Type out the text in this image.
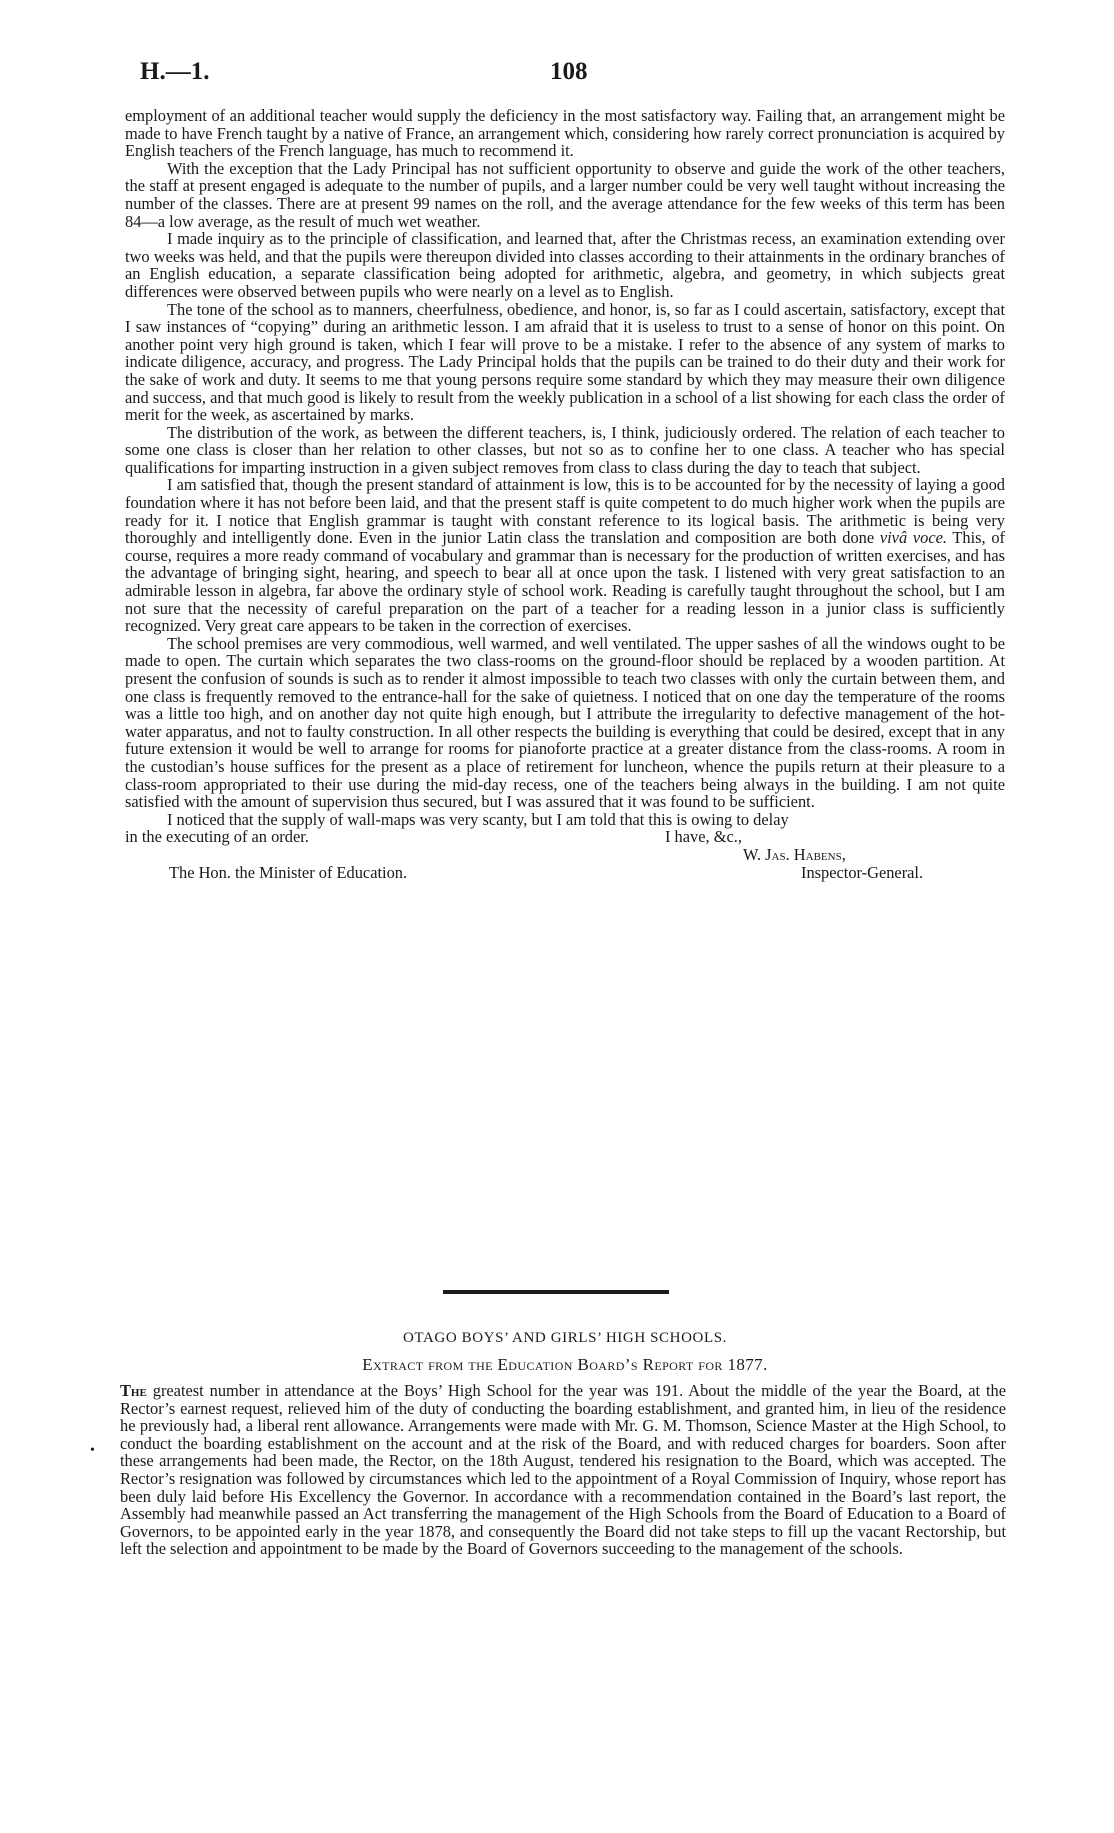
H.—1.	108

employment of an additional teacher would supply the deficiency in the most satisfactory way. Failing that, an arrangement might be made to have French taught by a native of France, an arrangement which, considering how rarely correct pronunciation is acquired by English teachers of the French language, has much to recommend it.

With the exception that the Lady Principal has not sufficient opportunity to observe and guide the work of the other teachers, the staff at present engaged is adequate to the number of pupils, and a larger number could be very well taught without increasing the number of the classes. There are at present 99 names on the roll, and the average attendance for the few weeks of this term has been 84—a low average, as the result of much wet weather.

I made inquiry as to the principle of classification, and learned that, after the Christmas recess, an examination extending over two weeks was held, and that the pupils were thereupon divided into classes according to their attainments in the ordinary branches of an English education, a separate classification being adopted for arithmetic, algebra, and geometry, in which subjects great differences were observed between pupils who were nearly on a level as to English.

The tone of the school as to manners, cheerfulness, obedience, and honor, is, so far as I could ascertain, satisfactory, except that I saw instances of “copying” during an arithmetic lesson. I am afraid that it is useless to trust to a sense of honor on this point. On another point very high ground is taken, which I fear will prove to be a mistake. I refer to the absence of any system of marks to indicate diligence, accuracy, and progress. The Lady Principal holds that the pupils can be trained to do their duty and their work for the sake of work and duty. It seems to me that young persons require some standard by which they may measure their own diligence and success, and that much good is likely to result from the weekly publication in a school of a list showing for each class the order of merit for the week, as ascertained by marks.

The distribution of the work, as between the different teachers, is, I think, judiciously ordered. The relation of each teacher to some one class is closer than her relation to other classes, but not so as to confine her to one class. A teacher who has special qualifications for imparting instruction in a given subject removes from class to class during the day to teach that subject.

I am satisfied that, though the present standard of attainment is low, this is to be accounted for by the necessity of laying a good foundation where it has not before been laid, and that the present staff is quite competent to do much higher work when the pupils are ready for it. I notice that English grammar is taught with constant reference to its logical basis. The arithmetic is being very thoroughly and intelligently done. Even in the junior Latin class the translation and composition are both done vivâ voce. This, of course, requires a more ready command of vocabulary and grammar than is necessary for the production of written exercises, and has the advantage of bringing sight, hearing, and speech to bear all at once upon the task. I listened with very great satisfaction to an admirable lesson in algebra, far above the ordinary style of school work. Reading is carefully taught throughout the school, but I am not sure that the necessity of careful preparation on the part of a teacher for a reading lesson in a junior class is sufficiently recognized. Very great care appears to be taken in the correction of exercises.

The school premises are very commodious, well warmed, and well ventilated. The upper sashes of all the windows ought to be made to open. The curtain which separates the two class-rooms on the ground-floor should be replaced by a wooden partition. At present the confusion of sounds is such as to render it almost impossible to teach two classes with only the curtain between them, and one class is frequently removed to the entrance-hall for the sake of quietness. I noticed that on one day the temperature of the rooms was a little too high, and on another day not quite high enough, but I attribute the irregularity to defective management of the hot-water apparatus, and not to faulty construction. In all other respects the building is everything that could be desired, except that in any future extension it would be well to arrange for rooms for pianoforte practice at a greater distance from the class-rooms. A room in the custodian’s house suffices for the present as a place of retirement for luncheon, whence the pupils return at their pleasure to a class-room appropriated to their use during the mid-day recess, one of the teachers being always in the building. I am not quite satisfied with the amount of supervision thus secured, but I was assured that it was found to be sufficient.

I noticed that the supply of wall-maps was very scanty, but I am told that this is owing to delay

in the executing of an order.	I have, &c.,
W. Jas. Habens,
The Hon. the Minister of Education.	Inspector-General.
OTAGO BOYS’ AND GIRLS’ HIGH SCHOOLS.
Extract from the Education Board’s Report for 1877.
•

The greatest number in attendance at the Boys’ High School for the year was 191. About the middle of the year the Board, at the Rector’s earnest request, relieved him of the duty of conducting the boarding establishment, and granted him, in lieu of the residence he previously had, a liberal rent allowance. Arrangements were made with Mr. G. M. Thomson, Science Master at the High School, to conduct the boarding establishment on the account and at the risk of the Board, and with reduced charges for boarders. Soon after these arrangements had been made, the Rector, on the 18th August, tendered his resignation to the Board, which was accepted. The Rector’s resignation was followed by circumstances which led to the appointment of a Royal Commission of Inquiry, whose report has been duly laid before His Excellency the Governor. In accordance with a recommendation contained in the Board’s last report, the Assembly had meanwhile passed an Act transferring the management of the High Schools from the Board of Education to a Board of Governors, to be appointed early in the year 1878, and consequently the Board did not take steps to fill up the vacant Rectorship, but left the selection and appointment to be made by the Board of Governors succeeding to the management of the schools.
